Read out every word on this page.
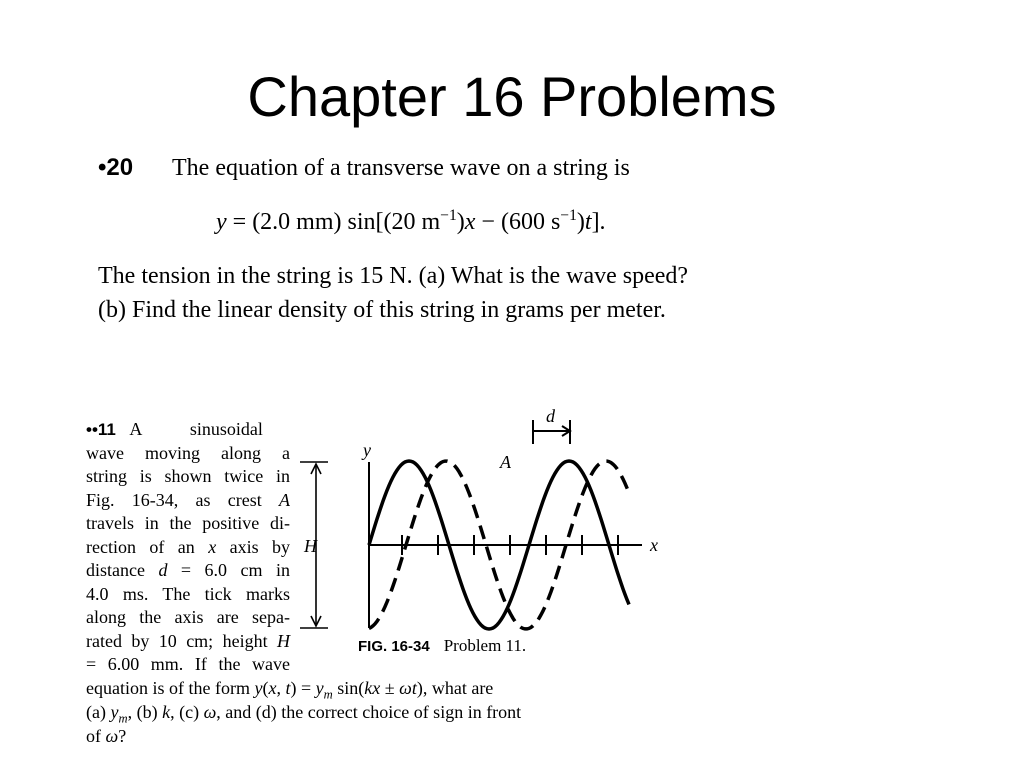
Chapter 16 Problems
•20 The equation of a transverse wave on a string is
y = (2.0 mm) sin[(20 $m^{-1})x - (600$ $s^{-1})t$].
The tension in the string is 15 N. (a) What is the wave speed?
(b) Find the linear density of this string in grams per meter.
••11 A sinusoidal
wave moving along a
string is shown twice in
Fig. 16-34, as crest A
travels in the positive di-
rection of an x axis by
distance d = 6.0 cm in
4.0 ms. The tick marks
along the axis are sepa-
rated by 10 cm; height H
= 6.00 mm. If the wave
equation is of the form y(x, $t) = y_m$ sin(kx ± ωt), what are
(a) $y_m$, (b) k, (c) ω, and (d) the correct choice of sign in front
of ω?
d
H
y
x
A
FIG. 16-34 Problem 11.
